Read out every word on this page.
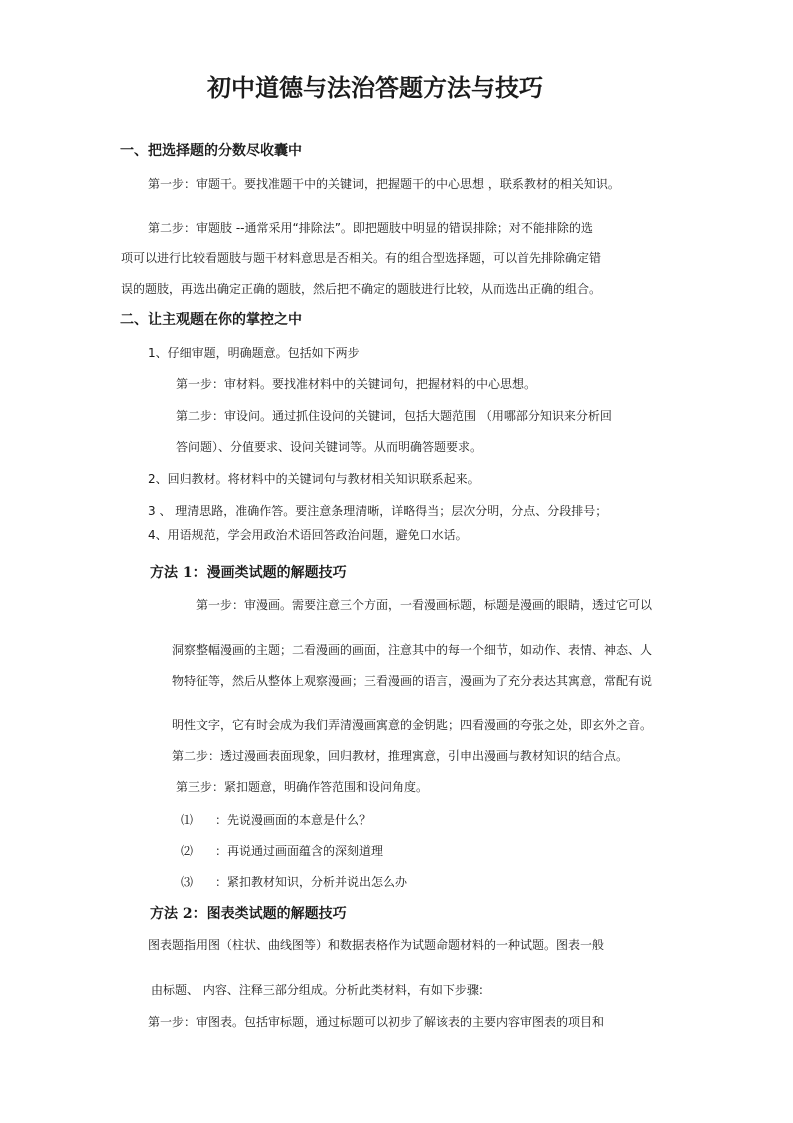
初中道德与法治答题方法与技巧
一、把选择题的分数尽收囊中
第一步：审题干。要找准题干中的关键词，把握题干的中心思想 ，联系教材的相关知识。
第二步：审题肢 --通常采用“排除法”。即把题肢中明显的错误排除；对不能排除的选
项可以进行比较看题肢与题干材料意思是否相关。有的组合型选择题，可以首先排除确定错
误的题肢，再选出确定正确的题肢，然后把不确定的题肢进行比较，从而选出正确的组合。
二、让主观题在你的掌控之中
1、仔细审题，明确题意。包括如下两步
第一步：审材料。要找准材料中的关键词句，把握材料的中心思想。
第二步：审设问。通过抓住设问的关键词，包括大题范围 （用哪部分知识来分析回
答问题）、分值要求、设问关键词等。从而明确答题要求。
2、回归教材。将材料中的关键词句与教材相关知识联系起来。
3 、 理清思路，准确作答。要注意条理清晰，详略得当；层次分明，分点、分段排号；
4、用语规范，学会用政治术语回答政治问题，避免口水话。
方法 1：漫画类试题的解题技巧
第一步：审漫画。需要注意三个方面，一看漫画标题，标题是漫画的眼睛，透过它可以
洞察整幅漫画的主题；二看漫画的画面，注意其中的每一个细节，如动作、表情、神态、人
物特征等，然后从整体上观察漫画；三看漫画的语言，漫画为了充分表达其寓意，常配有说
明性文字，它有时会成为我们弄清漫画寓意的金钥匙；四看漫画的夸张之处，即玄外之音。
第二步：透过漫画表面现象，回归教材，推理寓意，引申出漫画与教材知识的结合点。
第三步：紧扣题意，明确作答范围和设问角度。
⑴ ：先说漫画面的本意是什么？
⑵ ：再说通过画面蕴含的深刻道理
⑶ ：紧扣教材知识，分析并说出怎么办
方法 2：图表类试题的解题技巧
图表题指用图（柱状、曲线图等）和数据表格作为试题命题材料的一种试题。图表一般
由标题、 内容、注释三部分组成。分析此类材料，有如下步骤:
第一步：审图表。包括审标题，通过标题可以初步了解该表的主要内容审图表的项目和
